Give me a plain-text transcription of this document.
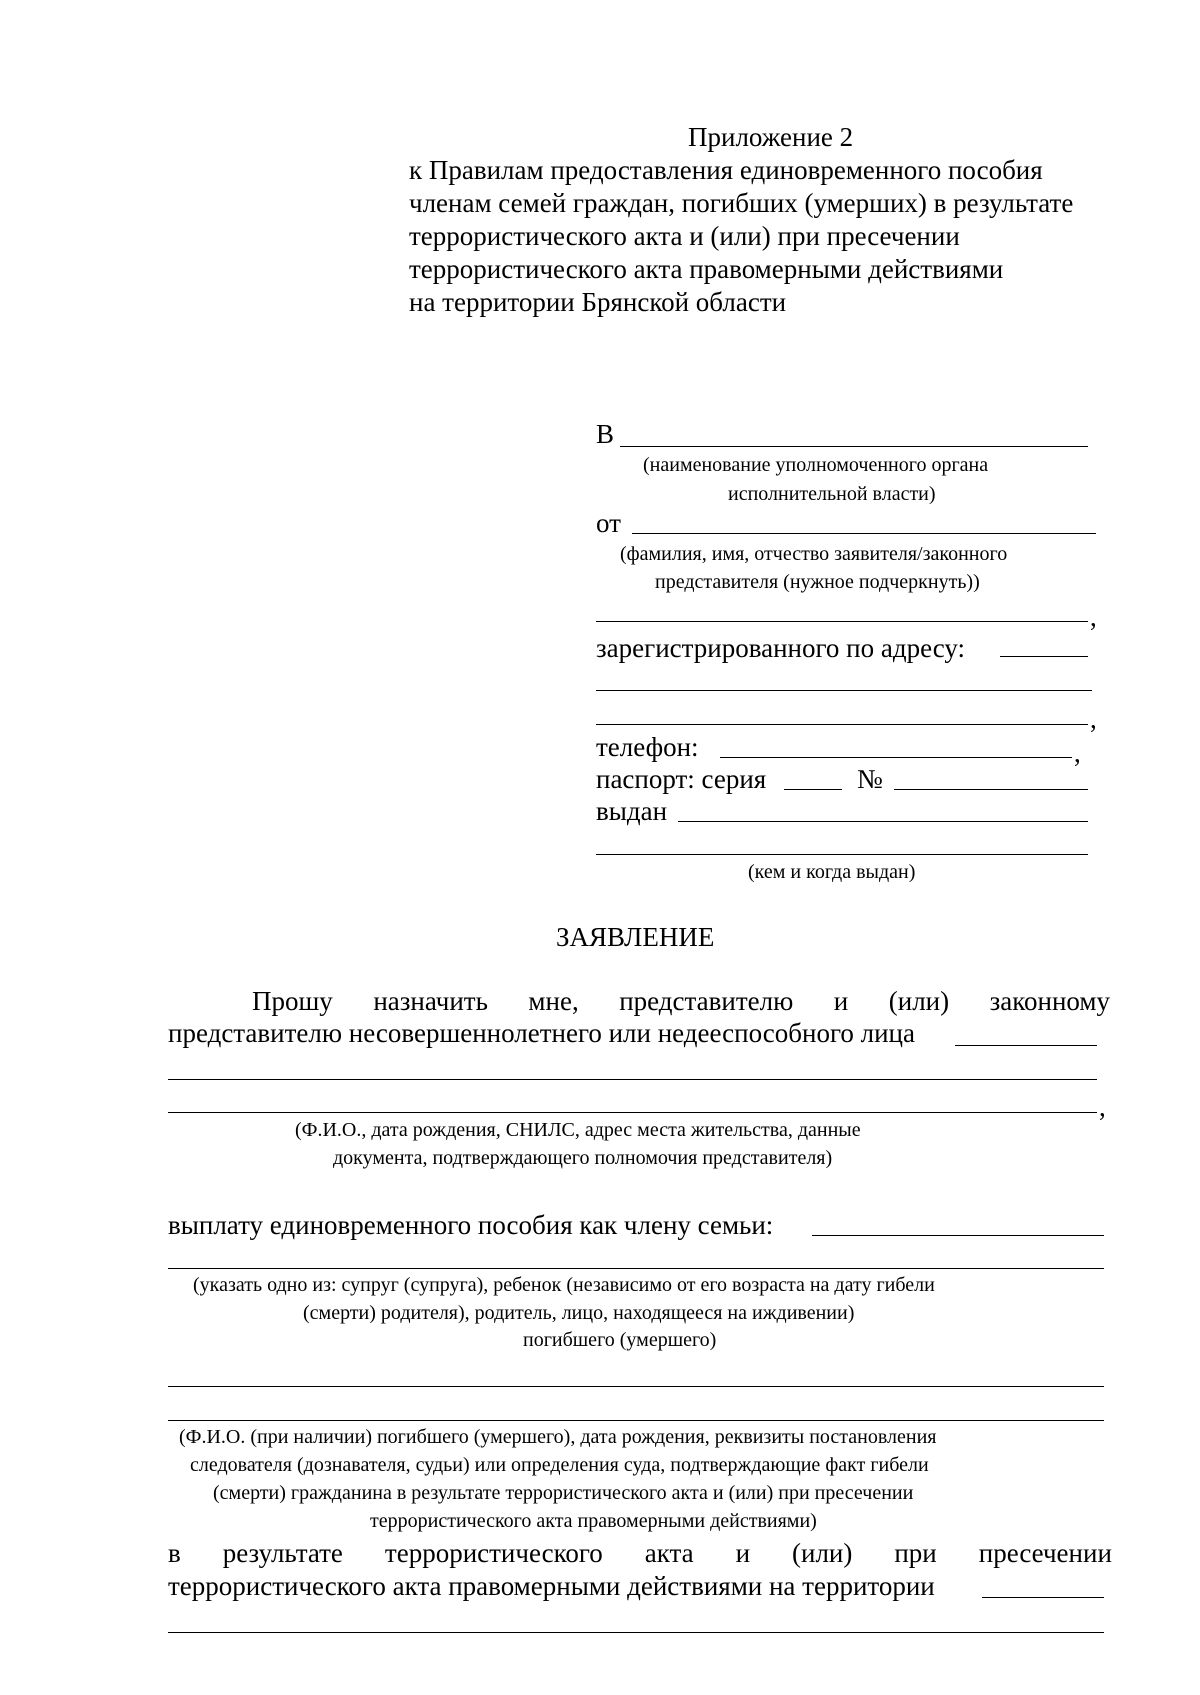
Приложение 2
к Правилам предоставления единовременного пособия
членам семей граждан, погибших (умерших) в результате
террористического акта и (или) при пресечении
террористического акта правомерными действиями
на территории Брянской области
В
(наименование уполномоченного органа
исполнительной власти)
от
(фамилия, имя, отчество заявителя/законного
представителя (нужное подчеркнуть))
,
зарегистрированного по адресу:
,
телефон:	,
паспорт: серия	№
выдан
(кем и когда выдан)
ЗАЯВЛЕНИЕ
Прошу назначить мне, представителю и (или) законному
представителю несовершеннолетнего или недееспособного лица
,
(Ф.И.О., дата рождения, СНИЛС, адрес места жительства, данные
документа, подтверждающего полномочия представителя)
выплату единовременного пособия как члену семьи:
(указать одно из: супруг (супруга), ребенок (независимо от его возраста на дату гибели
(смерти) родителя), родитель, лицо, находящееся на иждивении)
погибшего (умершего)
(Ф.И.О. (при наличии) погибшего (умершего), дата рождения, реквизиты постановления
следователя (дознавателя, судьи) или определения суда, подтверждающие факт гибели
(смерти) гражданина в результате террористического акта и (или) при пресечении
террористического акта правомерными действиями)
в результате террористического акта и (или) при пресечении
террористического акта правомерными действиями на территории
